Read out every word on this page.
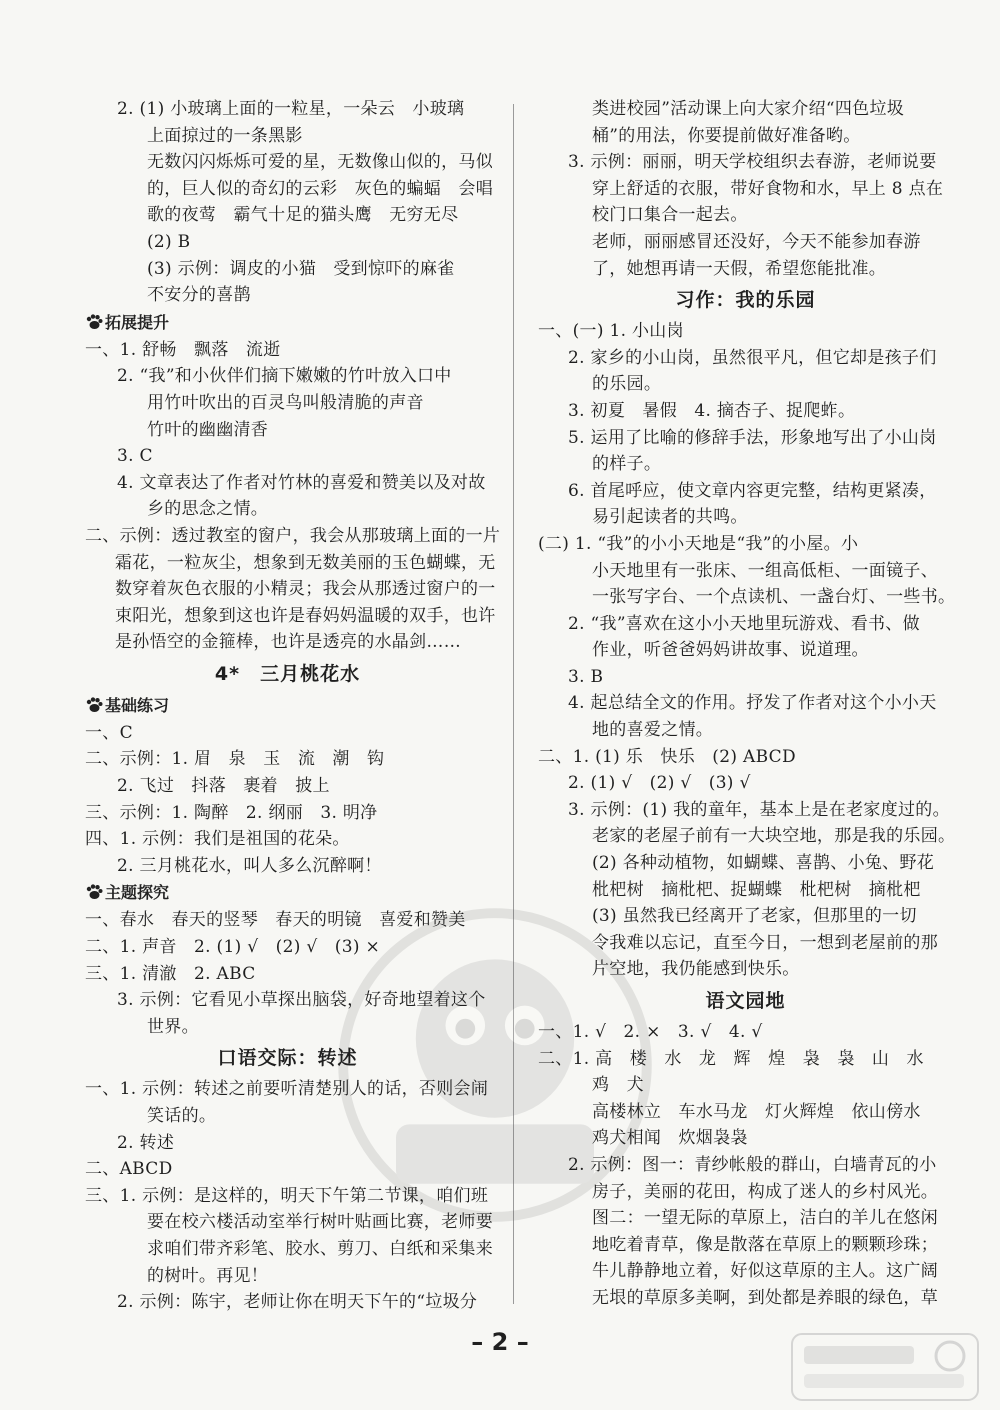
2. (1) 小玻璃上面的一粒星，一朵云　小玻璃
上面掠过的一条黑影
无数闪闪烁烁可爱的星，无数像山似的，马似
的，巨人似的奇幻的云彩　灰色的蝙蝠　会唱
歌的夜莺　霸气十足的猫头鹰　无穷无尽
(2) B
(3) 示例：调皮的小猫　受到惊吓的麻雀
不安分的喜鹊
拓展提升
一、1. 舒畅　飘落　流逝
2. “我”和小伙伴们摘下嫩嫩的竹叶放入口中
用竹叶吹出的百灵鸟叫般清脆的声音
竹叶的幽幽清香
3. C
4. 文章表达了作者对竹林的喜爱和赞美以及对故
乡的思念之情。
二、示例：透过教室的窗户，我会从那玻璃上面的一片
霜花，一粒灰尘，想象到无数美丽的玉色蝴蝶，无
数穿着灰色衣服的小精灵；我会从那透过窗户的一
束阳光，想象到这也许是春妈妈温暖的双手，也许
是孙悟空的金箍棒，也许是透亮的水晶剑……
4*　三月桃花水
基础练习
一、C
二、示例：1. 眉　泉　玉　流　潮　钩
2. 飞过　抖落　裹着　披上
三、示例：1. 陶醉　2. 纲丽　3. 明净
四、1. 示例：我们是祖国的花朵。
2. 三月桃花水，叫人多么沉醉啊！
主题探究
一、春水　春天的竖琴　春天的明镜　喜爱和赞美
二、1. 声音　2. (1) √　(2) √　(3) ×
三、1. 清澈　2. ABC
3. 示例：它看见小草探出脑袋，好奇地望着这个
世界。
口语交际：转述
一、1. 示例：转述之前要听清楚别人的话，否则会闹
笑话的。
2. 转述
二、ABCD
三、1. 示例：是这样的，明天下午第二节课，咱们班
要在校六楼活动室举行树叶贴画比赛，老师要
求咱们带齐彩笔、胶水、剪刀、白纸和采集来
的树叶。再见！
2. 示例：陈宇，老师让你在明天下午的“垃圾分
类进校园”活动课上向大家介绍“四色垃圾
桶”的用法，你要提前做好准备哟。
3. 示例：丽丽，明天学校组织去春游，老师说要
穿上舒适的衣服，带好食物和水，早上 8 点在
校门口集合一起去。
老师，丽丽感冒还没好，今天不能参加春游
了，她想再请一天假，希望您能批准。
习作：我的乐园
一、(一) 1. 小山岗
2. 家乡的小山岗，虽然很平凡，但它却是孩子们
的乐园。
3. 初夏　暑假　4. 摘杏子、捉爬蚱。
5. 运用了比喻的修辞手法，形象地写出了小山岗
的样子。
6. 首尾呼应，使文章内容更完整，结构更紧凑，
易引起读者的共鸣。
(二) 1. “我”的小小天地是“我”的小屋。小
小天地里有一张床、一组高低柜、一面镜子、
一张写字台、一个点读机、一盏台灯、一些书。
2. “我”喜欢在这小小天地里玩游戏、看书、做
作业，听爸爸妈妈讲故事、说道理。
3. B
4. 起总结全文的作用。抒发了作者对这个小小天
地的喜爱之情。
二、1. (1) 乐　快乐　(2) ABCD
2. (1) √　(2) √　(3) √
3. 示例：(1) 我的童年，基本上是在老家度过的。
老家的老屋子前有一大块空地，那是我的乐园。
(2) 各种动植物，如蝴蝶、喜鹊、小兔、野花
枇杷树　摘枇杷、捉蝴蝶　枇杷树　摘枇杷
(3) 虽然我已经离开了老家，但那里的一切
令我难以忘记，直至今日，一想到老屋前的那
片空地，我仍能感到快乐。
语文园地
一、1. √　2. ×　3. √　4. √
二、1. 高　楼　水　龙　辉　煌　袅　袅　山　水
鸡　犬
高楼林立　车水马龙　灯火辉煌　依山傍水
鸡犬相闻　炊烟袅袅
2. 示例：图一：青纱帐般的群山，白墙青瓦的小
房子，美丽的花田，构成了迷人的乡村风光。
图二：一望无际的草原上，洁白的羊儿在悠闲
地吃着青草，像是散落在草原上的颗颗珍珠；
牛儿静静地立着，好似这草原的主人。这广阔
无垠的草原多美啊，到处都是养眼的绿色，草
– 2 –
